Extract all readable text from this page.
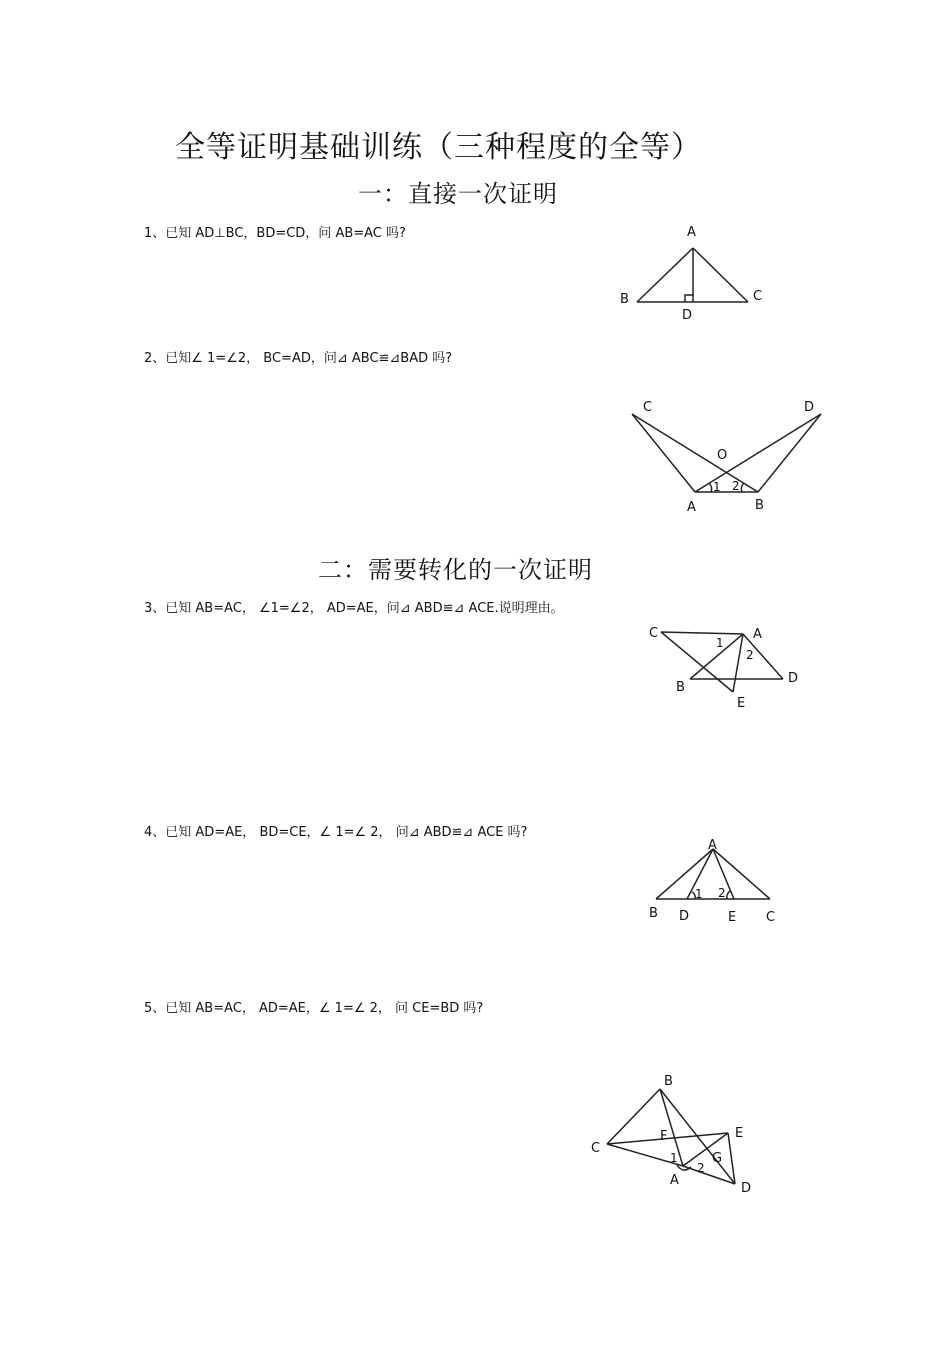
全等证明基础训练（三种程度的全等）
一：直接一次证明
1、已知 AD⊥BC，BD=CD，问 AB=AC 吗?	A
B	C
D
2、已知∠ 1=∠2， BC=AD，问⊿ ABC≌⊿BAD 吗?
C	D
O
A	B
1 2
二：需要转化的一次证明
3、已知 AB=AC， ∠1=∠2， AD=AE，问⊿ ABD≌⊿ ACE.说明理由。
C	A
B
D
E
1
2
4、已知 AD=AE， BD=CE，∠ 1=∠ 2， 问⊿ ABD≌⊿ ACE 吗?
A
B D	E C
1 2
5、已知 AB=AC， AD=AE，∠ 1=∠ 2， 问 CE=BD 吗?
B
C
F	E
G
A
D
1
2
